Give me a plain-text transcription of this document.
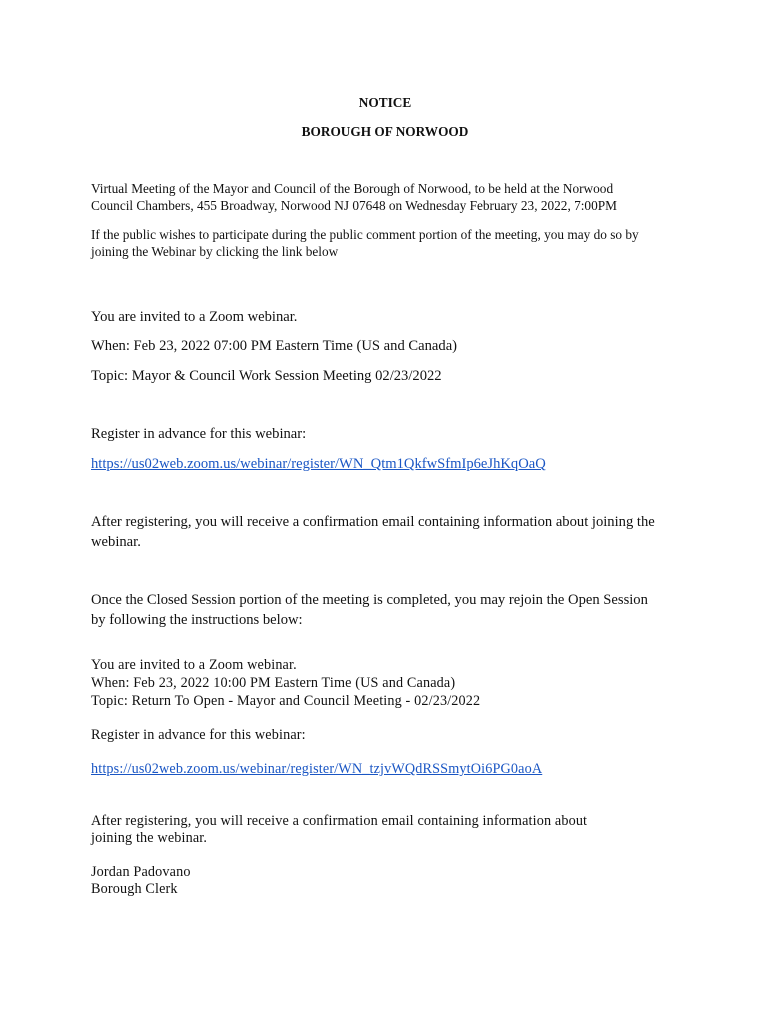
NOTICE
BOROUGH OF NORWOOD
Virtual Meeting of the Mayor and Council of the Borough of Norwood, to be held at the Norwood
Council Chambers, 455 Broadway, Norwood NJ 07648 on Wednesday February 23, 2022, 7:00PM
If the public wishes to participate during the public comment portion of the meeting, you may do so by
joining the Webinar by clicking the link below
You are invited to a Zoom webinar.
When: Feb 23, 2022 07:00 PM Eastern Time (US and Canada)
Topic: Mayor & Council Work Session Meeting 02/23/2022
Register in advance for this webinar:
https://us02web.zoom.us/webinar/register/WN_Qtm1QkfwSfmIp6eJhKqOaQ
After registering, you will receive a confirmation email containing information about joining the
webinar.
Once the Closed Session portion of the meeting is completed, you may rejoin the Open Session
by following the instructions below:
You are invited to a Zoom webinar.
When: Feb 23, 2022 10:00 PM Eastern Time (US and Canada)
Topic: Return To Open - Mayor and Council Meeting - 02/23/2022
Register in advance for this webinar:
https://us02web.zoom.us/webinar/register/WN_tzjvWQdRSSmytOi6PG0aoA
After registering, you will receive a confirmation email containing information about
joining the webinar.
Jordan Padovano
Borough Clerk
